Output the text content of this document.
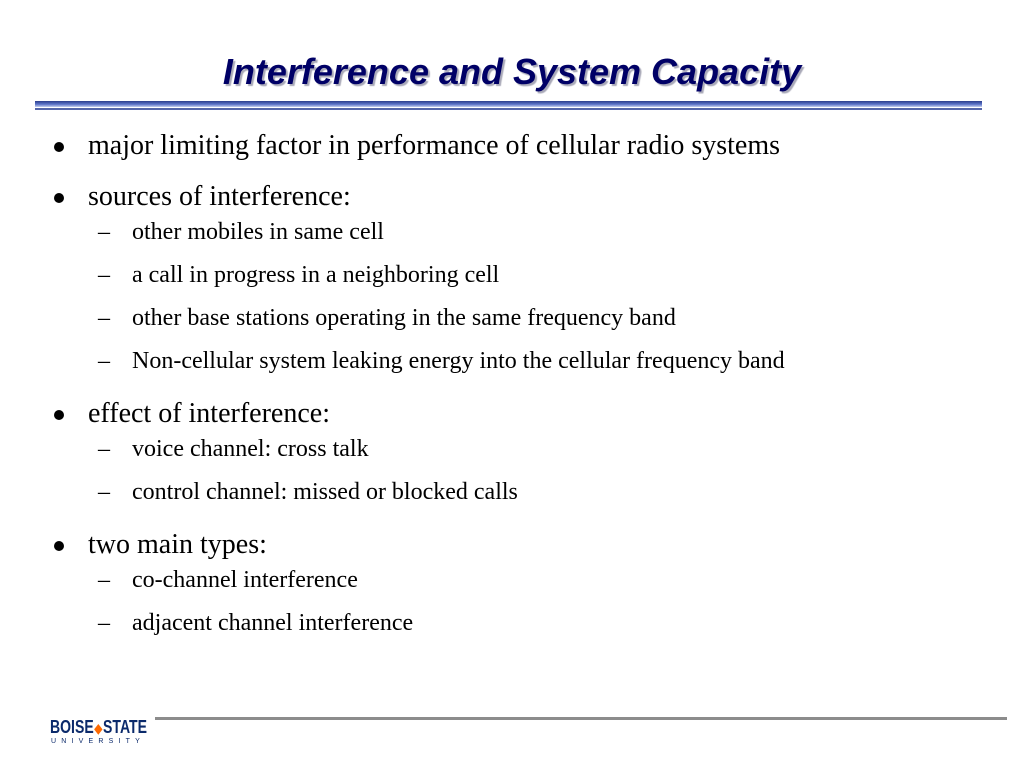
Interference and System Capacity
major limiting factor in performance of cellular radio systems
sources of interference:
– other mobiles in same cell
– a call in progress in a neighboring cell
– other base stations operating in the same frequency band
– Non-cellular system leaking energy into the cellular frequency band
effect of interference:
– voice channel: cross talk
– control channel: missed or blocked calls
two main types:
– co-channel interference
– adjacent channel interference
BOISE◆STATE
UNIVERSITY
